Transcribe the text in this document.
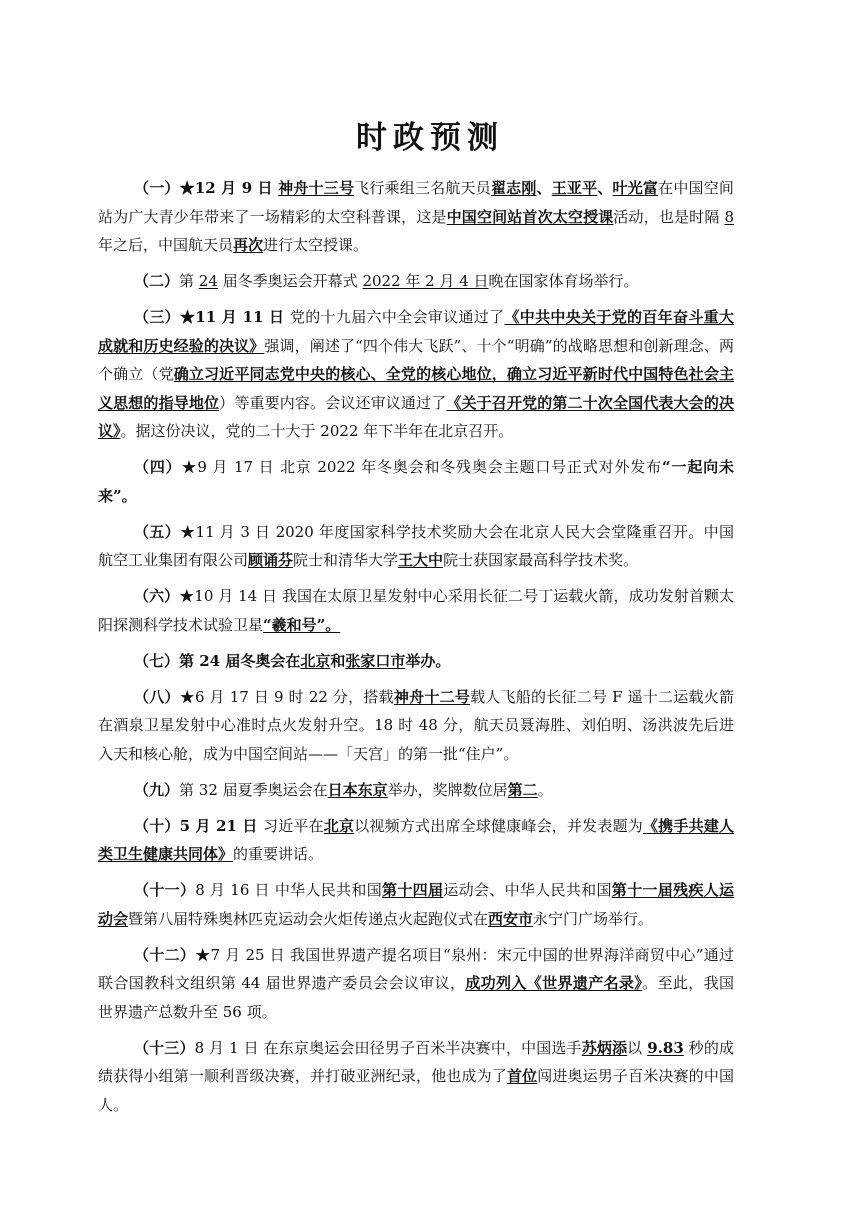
时政预测

（一）★12 月 9 日 神舟十三号飞行乘组三名航天员翟志刚、王亚平、叶光富在中国空间站为广大青少年带来了一场精彩的太空科普课，这是中国空间站首次太空授课活动，也是时隔 8 年之后，中国航天员再次进行太空授课。

（二）第 24 届冬季奥运会开幕式 2022 年 2 月 4 日晚在国家体育场举行。

（三）★11 月 11 日 党的十九届六中全会审议通过了《中共中央关于党的百年奋斗重大成就和历史经验的决议》强调，阐述了“四个伟大飞跃”、十个“明确”的战略思想和创新理念、两个确立（党确立习近平同志党中央的核心、全党的核心地位，确立习近平新时代中国特色社会主义思想的指导地位）等重要内容。会议还审议通过了《关于召开党的第二十次全国代表大会的决议》。据这份决议，党的二十大于 2022 年下半年在北京召开。

（四）★9 月 17 日 北京 2022 年冬奥会和冬残奥会主题口号正式对外发布“一起向未来”。

（五）★11 月 3 日 2020 年度国家科学技术奖励大会在北京人民大会堂隆重召开。中国航空工业集团有限公司顾诵芬院士和清华大学王大中院士获国家最高科学技术奖。

（六）★10 月 14 日 我国在太原卫星发射中心采用长征二号丁运载火箭，成功发射首颗太阳探测科学技术试验卫星“羲和号”。

（七）第 24 届冬奥会在北京和张家口市举办。

（八）★6 月 17 日 9 时 22 分，搭载神舟十二号载人飞船的长征二号 F 遥十二运载火箭在酒泉卫星发射中心准时点火发射升空。18 时 48 分，航天员聂海胜、刘伯明、汤洪波先后进入天和核心舱，成为中国空间站——「天宫」的第一批“住户”。

（九）第 32 届夏季奥运会在日本东京举办，奖牌数位居第二。

（十）5 月 21 日 习近平在北京以视频方式出席全球健康峰会，并发表题为《携手共建人类卫生健康共同体》的重要讲话。

（十一）8 月 16 日 中华人民共和国第十四届运动会、中华人民共和国第十一届残疾人运动会暨第八届特殊奥林匹克运动会火炬传递点火起跑仪式在西安市永宁门广场举行。

（十二）★7 月 25 日 我国世界遗产提名项目“泉州：宋元中国的世界海洋商贸中心”通过联合国教科文组织第 44 届世界遗产委员会会议审议，成功列入《世界遗产名录》。至此，我国世界遗产总数升至 56 项。

（十三）8 月 1 日 在东京奥运会田径男子百米半决赛中，中国选手苏炳添以 9.83 秒的成绩获得小组第一顺利晋级决赛，并打破亚洲纪录，他也成为了首位闯进奥运男子百米决赛的中国人。
